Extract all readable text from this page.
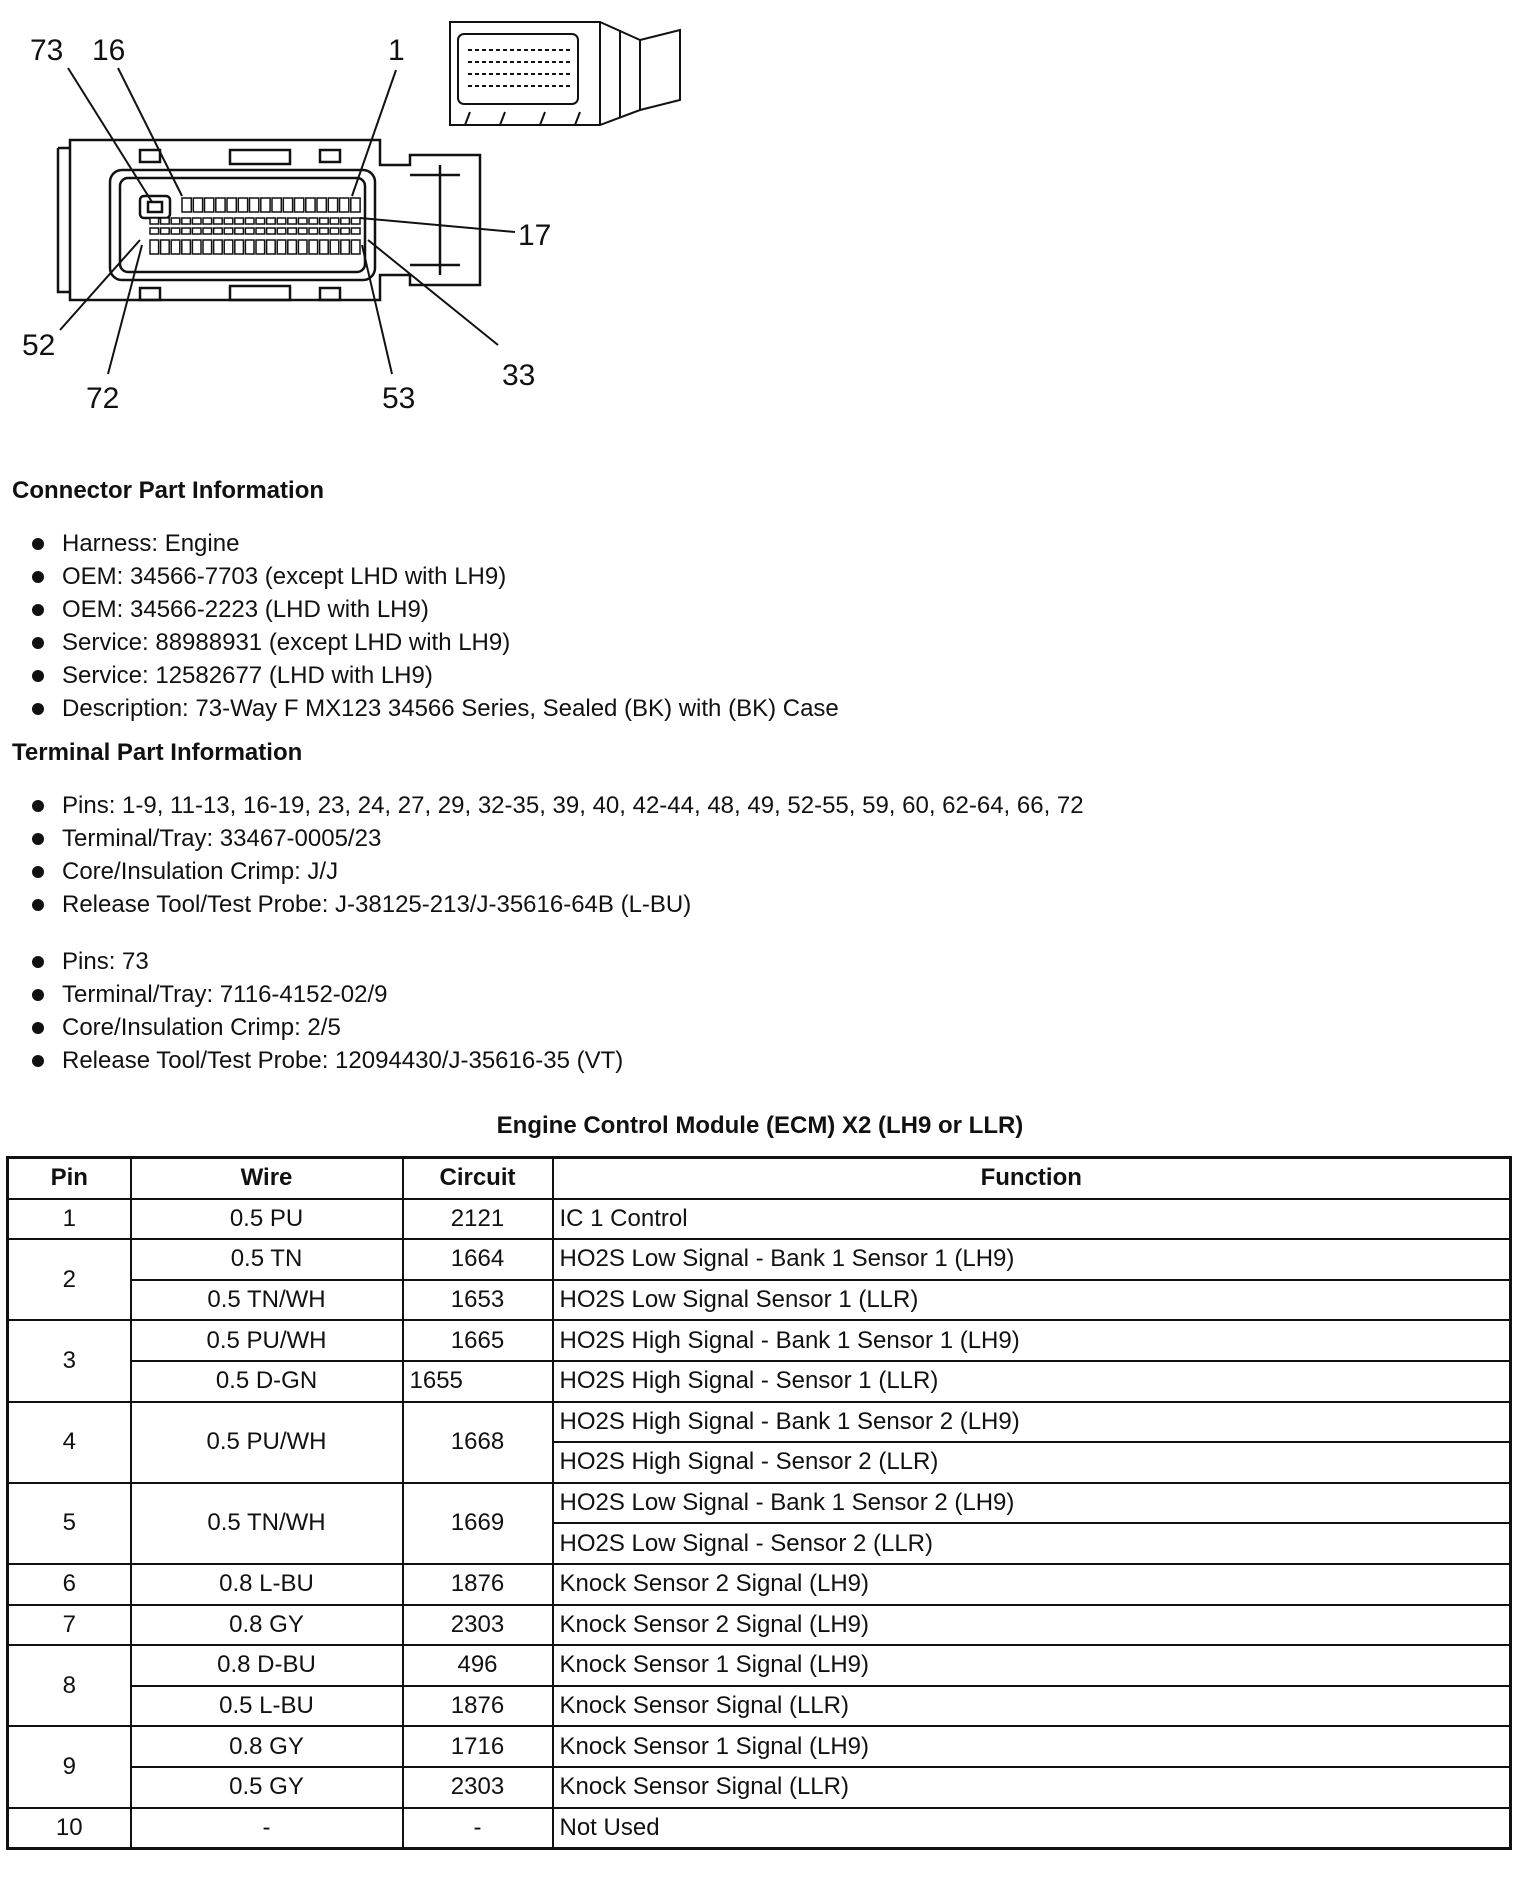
73 16	1
17
52
72	53
33
Connector Part Information
Harness: Engine
OEM: 34566-7703 (except LHD with LH9)
OEM: 34566-2223 (LHD with LH9)
Service: 88988931 (except LHD with LH9)
Service: 12582677 (LHD with LH9)
Description: 73-Way F MX123 34566 Series, Sealed (BK) with (BK) Case
Terminal Part Information
Pins: 1-9, 11-13, 16-19, 23, 24, 27, 29, 32-35, 39, 40, 42-44, 48, 49, 52-55, 59, 60, 62-64, 66, 72
Terminal/Tray: 33467-0005/23
Core/Insulation Crimp: J/J
Release Tool/Test Probe: J-38125-213/J-35616-64B (L-BU)
Pins: 73
Terminal/Tray: 7116-4152-02/9
Core/Insulation Crimp: 2/5
Release Tool/Test Probe: 12094430/J-35616-35 (VT)
Engine Control Module (ECM) X2 (LH9 or LLR)
Pin	Wire	Circuit	Function
1	0.5 PU	2121	IC 1 Control
2	0.5 TN	1664	HO2S Low Signal - Bank 1 Sensor 1 (LH9)
	0.5 TN/WH	1653	HO2S Low Signal Sensor 1 (LLR)
3	0.5 PU/WH	1665	HO2S High Signal - Bank 1 Sensor 1 (LH9)
	0.5 D-GN	1655	HO2S High Signal - Sensor 1 (LLR)
4	0.5 PU/WH	1668	HO2S High Signal - Bank 1 Sensor 2 (LH9)
			HO2S High Signal - Sensor 2 (LLR)
5	0.5 TN/WH	1669	HO2S Low Signal - Bank 1 Sensor 2 (LH9)
			HO2S Low Signal - Sensor 2 (LLR)
6	0.8 L-BU	1876	Knock Sensor 2 Signal (LH9)
7	0.8 GY	2303	Knock Sensor 2 Signal (LH9)
8	0.8 D-BU	496	Knock Sensor 1 Signal (LH9)
	0.5 L-BU	1876	Knock Sensor Signal (LLR)
9	0.8 GY	1716	Knock Sensor 1 Signal (LH9)
	0.5 GY	2303	Knock Sensor Signal (LLR)
10	-	-	Not Used
